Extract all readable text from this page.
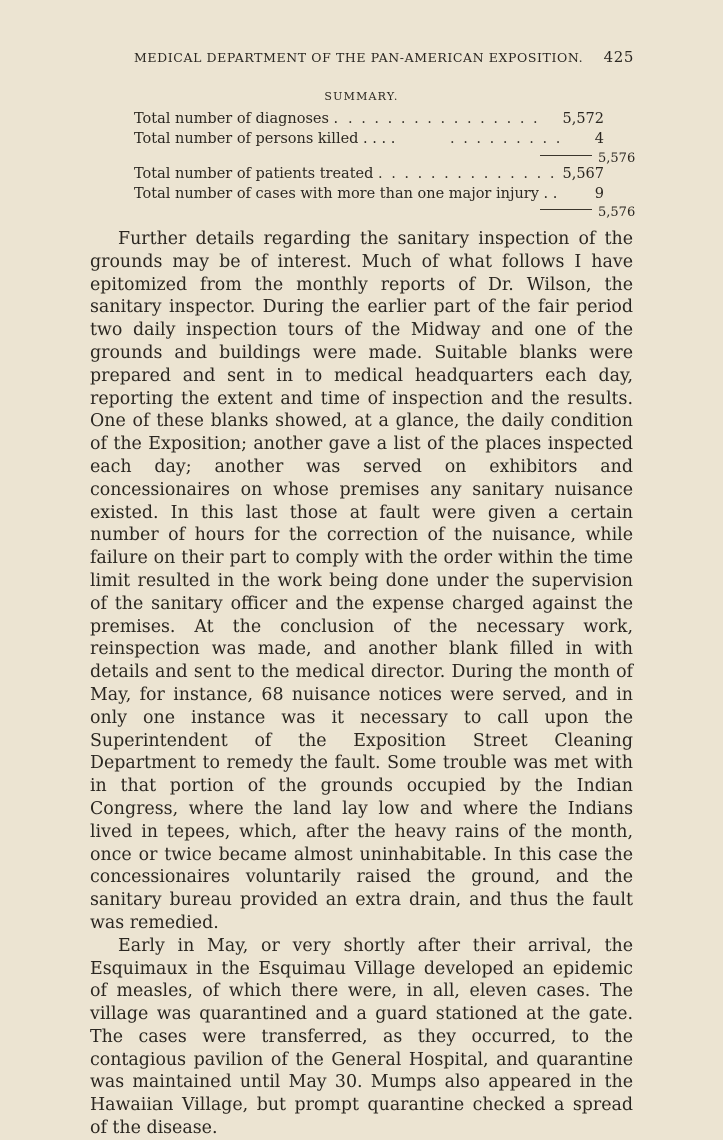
MEDICAL DEPARTMENT OF THE PAN-AMERICAN EXPOSITION. 425
SUMMARY.
Total number of diagnoses . . . . . . . . . . . . . . . . 5,572
Total number of persons killed . . . .	. . . . . . . . . 4
5,576
Total number of patients treated . . . . . . . . . . . . . . 5,567
Total number of cases with more than one major injury . .	9
5,576

Further details regarding the sanitary inspection of the grounds may be of interest. Much of what follows I have epitomized from the monthly reports of Dr. Wilson, the sanitary inspector. During the earlier part of the fair period two daily inspection tours of the Midway and one of the grounds and buildings were made. Suitable blanks were prepared and sent in to medical headquarters each day, reporting the extent and time of inspection and the results. One of these blanks showed, at a glance, the daily condition of the Exposition; another gave a list of the places inspected each day; another was served on exhibitors and concessionaires on whose premises any sanitary nuisance existed. In this last those at fault were given a certain number of hours for the correction of the nuisance, while failure on their part to comply with the order within the time limit resulted in the work being done under the supervision of the sanitary officer and the expense charged against the premises. At the conclusion of the necessary work, reinspection was made, and another blank filled in with details and sent to the medical director. During the month of May, for instance, 68 nuisance notices were served, and in only one instance was it necessary to call upon the Superintendent of the Exposition Street Cleaning Department to remedy the fault. Some trouble was met with in that portion of the grounds occupied by the Indian Congress, where the land lay low and where the Indians lived in tepees, which, after the heavy rains of the month, once or twice became almost uninhabitable. In this case the concessionaires voluntarily raised the ground, and the sanitary bureau provided an extra drain, and thus the fault was remedied.

Early in May, or very shortly after their arrival, the Esquimaux in the Esquimau Village developed an epidemic of measles, of which there were, in all, eleven cases. The village was quarantined and a guard stationed at the gate. The cases were transferred, as they occurred, to the contagious pavilion of the General Hospital, and quarantine was maintained until May 30. Mumps also appeared in the Hawaiian Village, but prompt quarantine checked a spread of the disease.
